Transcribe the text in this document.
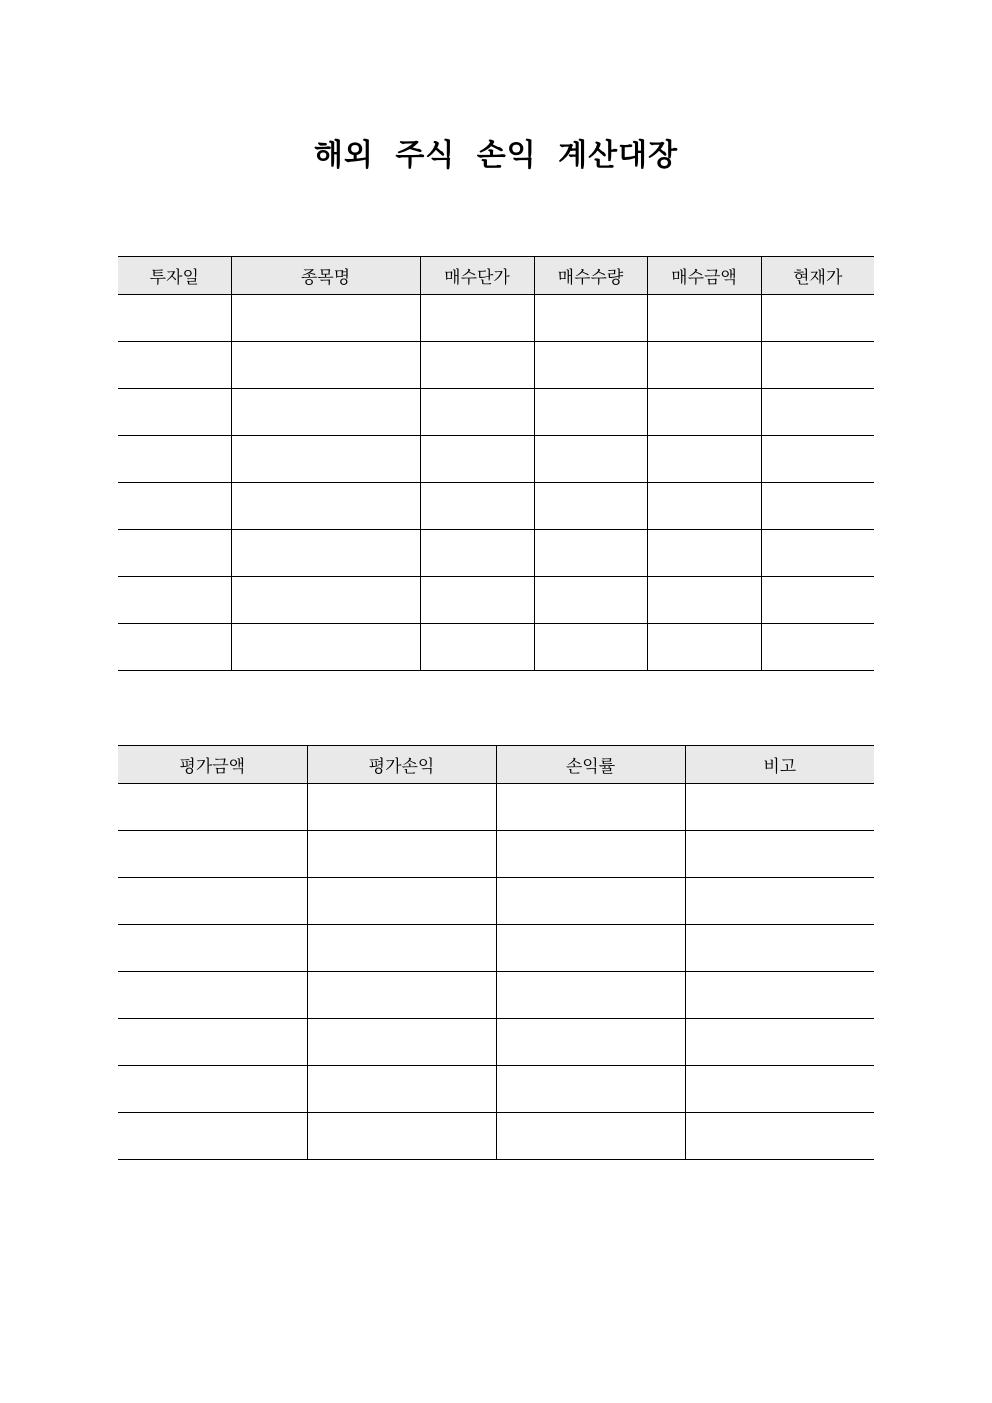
해외 주식 손익 계산대장
투자일	종목명	매수단가	매수수량	매수금액	현재가

평가금액	평가손익	손익률	비고
